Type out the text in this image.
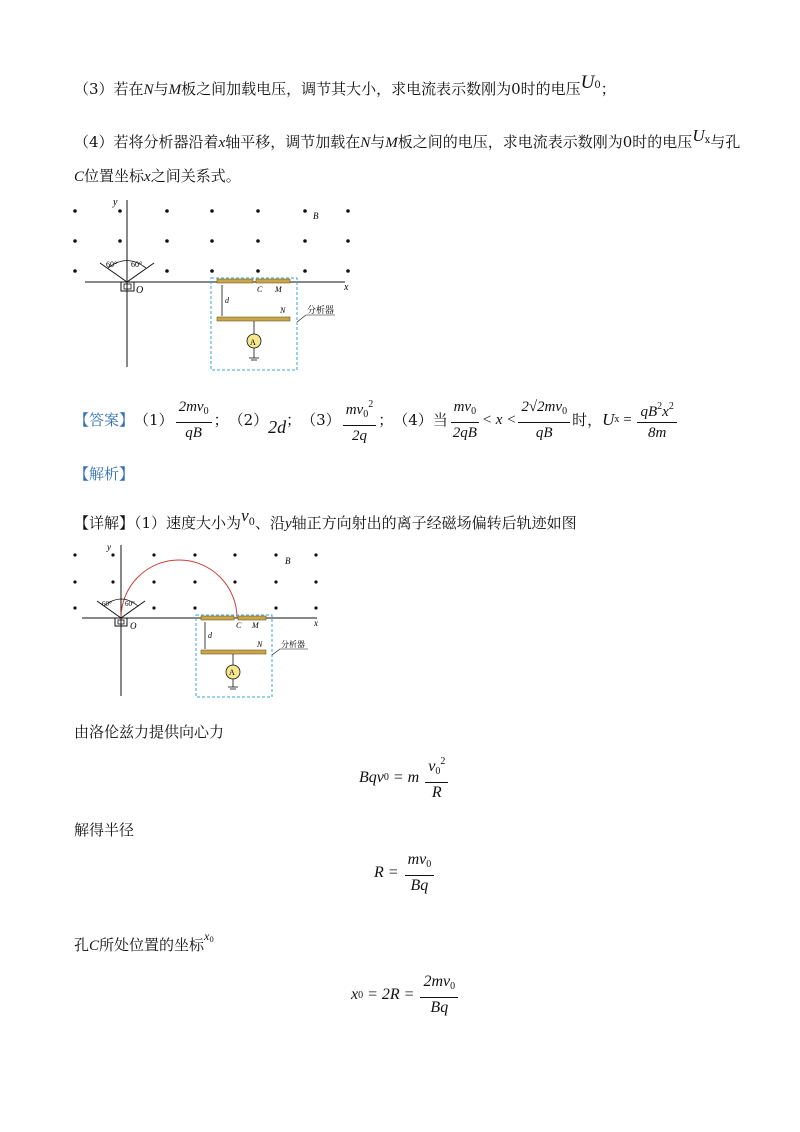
（3）若在N与M板之间加载电压，调节其大小，求电流表示数刚为0时的电压$U^0$；
（4）若将分析器沿着x轴平移，调节加载在N与M板之间的电压，求电流表示数刚为0时的电压$U^x$与孔
C位置坐标x之间关系式。
y
x
B
O
60° 60°
C M
N
d
A
分析器
【答案】 $(1) \frac{2mv_0}{qB}$ ； （2） 2d ； $(3) \frac{mv_0^2}{2q}$ ； （4）当 $\frac{mv_0}{2qB} < x < \frac{2√2mv_0}{qB}$ 时， U $x = \frac{qB^2x^2}{8m}$
【解析】
【详解】（1）速度大小为$v^0$、沿y轴正方向射出的离子经磁场偏转后轨迹如图
y
x
B
O
60° 60°
C M
N
d
A
分析器
由洛伦兹力提供向心力
Bqv 0 = m $\frac{v_0^2}{R}$
解得半径
$R = \frac{mv_0}{Bq}$
孔C所处位置的坐标$^{x0}$
x $0 = 2R = \frac{2mv_0}{Bq}$
